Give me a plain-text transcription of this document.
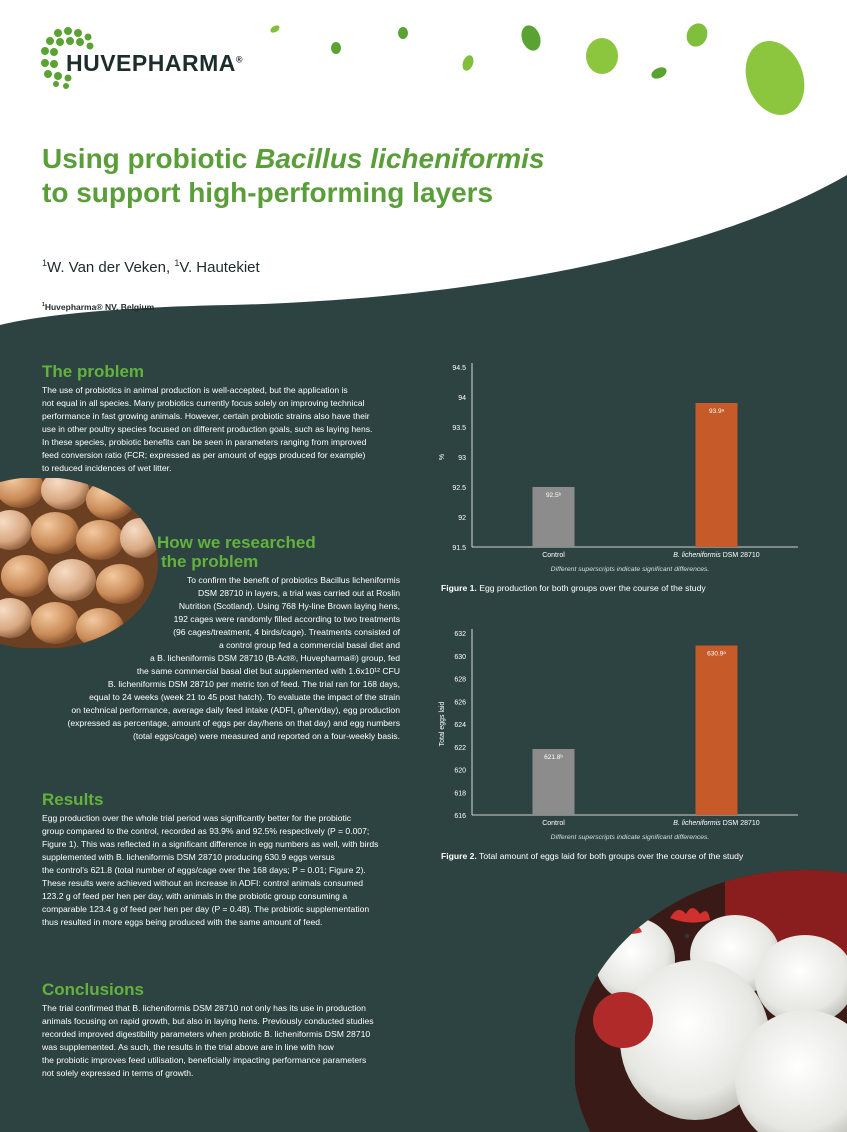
HUVEPHARMA®
Using probiotic Bacillus licheniformis
to support high-performing layers
$^1$W. Van der Veken, $^1$V. Hautekiet
$^1$Huvepharma® NV, Belgium
The problem

The use of probiotics in animal production is well-accepted, but the application is

not equal in all species. Many probiotics currently focus solely on improving technical

performance in fast growing animals. However, certain probiotic strains also have their

use in other poultry species focused on different production goals, such as laying hens.

In these species, probiotic benefits can be seen in parameters ranging from improved

feed conversion ratio (FCR; expressed as per amount of eggs produced for example)

to reduced incidences of wet litter.

How we researched
the problem

To confirm the benefit of probiotics Bacillus licheniformis

DSM 28710 in layers, a trial was carried out at Roslin

Nutrition (Scotland). Using 768 Hy-line Brown laying hens,

192 cages were randomly filled according to two treatments

(96 cages/treatment, 4 birds/cage). Treatments consisted of

a control group fed a commercial basal diet and

a B. licheniformis DSM 28710 (B-Act®, Huvepharma®) group, fed

the same commercial basal diet but supplemented with 1.6x10¹² CFU

B. licheniformis DSM 28710 per metric ton of feed. The trial ran for 168 days,

equal to 24 weeks (week 21 to 45 post hatch). To evaluate the impact of the strain

on technical performance, average daily feed intake (ADFI, g/hen/day), egg production

(expressed as percentage, amount of eggs per day/hens on that day) and egg numbers

(total eggs/cage) were measured and reported on a four-weekly basis.

Results

Egg production over the whole trial period was significantly better for the probiotic

group compared to the control, recorded as 93.9% and 92.5% respectively (P = 0.007;

Figure 1). This was reflected in a significant difference in egg numbers as well, with birds

supplemented with B. licheniformis DSM 28710 producing 630.9 eggs versus

the control’s 621.8 (total number of eggs/cage over the 168 days; P = 0.01; Figure 2).

These results were achieved without an increase in ADFI: control animals consumed

123.2 g of feed per hen per day, with animals in the probiotic group consuming a

comparable 123.4 g of feed per hen per day (P = 0.48). The probiotic supplementation

thus resulted in more eggs being produced with the same amount of feed.

Conclusions

The trial confirmed that B. licheniformis DSM 28710 not only has its use in production

animals focusing on rapid growth, but also in laying hens. Previously conducted studies

recorded improved digestibility parameters when probiotic B. licheniformis DSM 28710

was supplemented. As such, the results in the trial above are in line with how

the probiotic improves feed utilisation, beneficially impacting performance parameters

not solely expressed in terms of growth.

91.5
92
92.5
93
93.5
94
94.5
%
92.5ᵇ
Control
93.9ᵃ
B. licheniformis DSM 28710
Different superscripts indicate significant differences.
Figure 1. Egg production for both groups over the course of the study
616
618
620
622
624
626
628
630
632
Total eggs laid
621.8ᵇ
Control
630.9ᵃ
B. licheniformis DSM 28710
Different superscripts indicate significant differences.
Figure 2. Total amount of eggs laid for both groups over the course of the study
